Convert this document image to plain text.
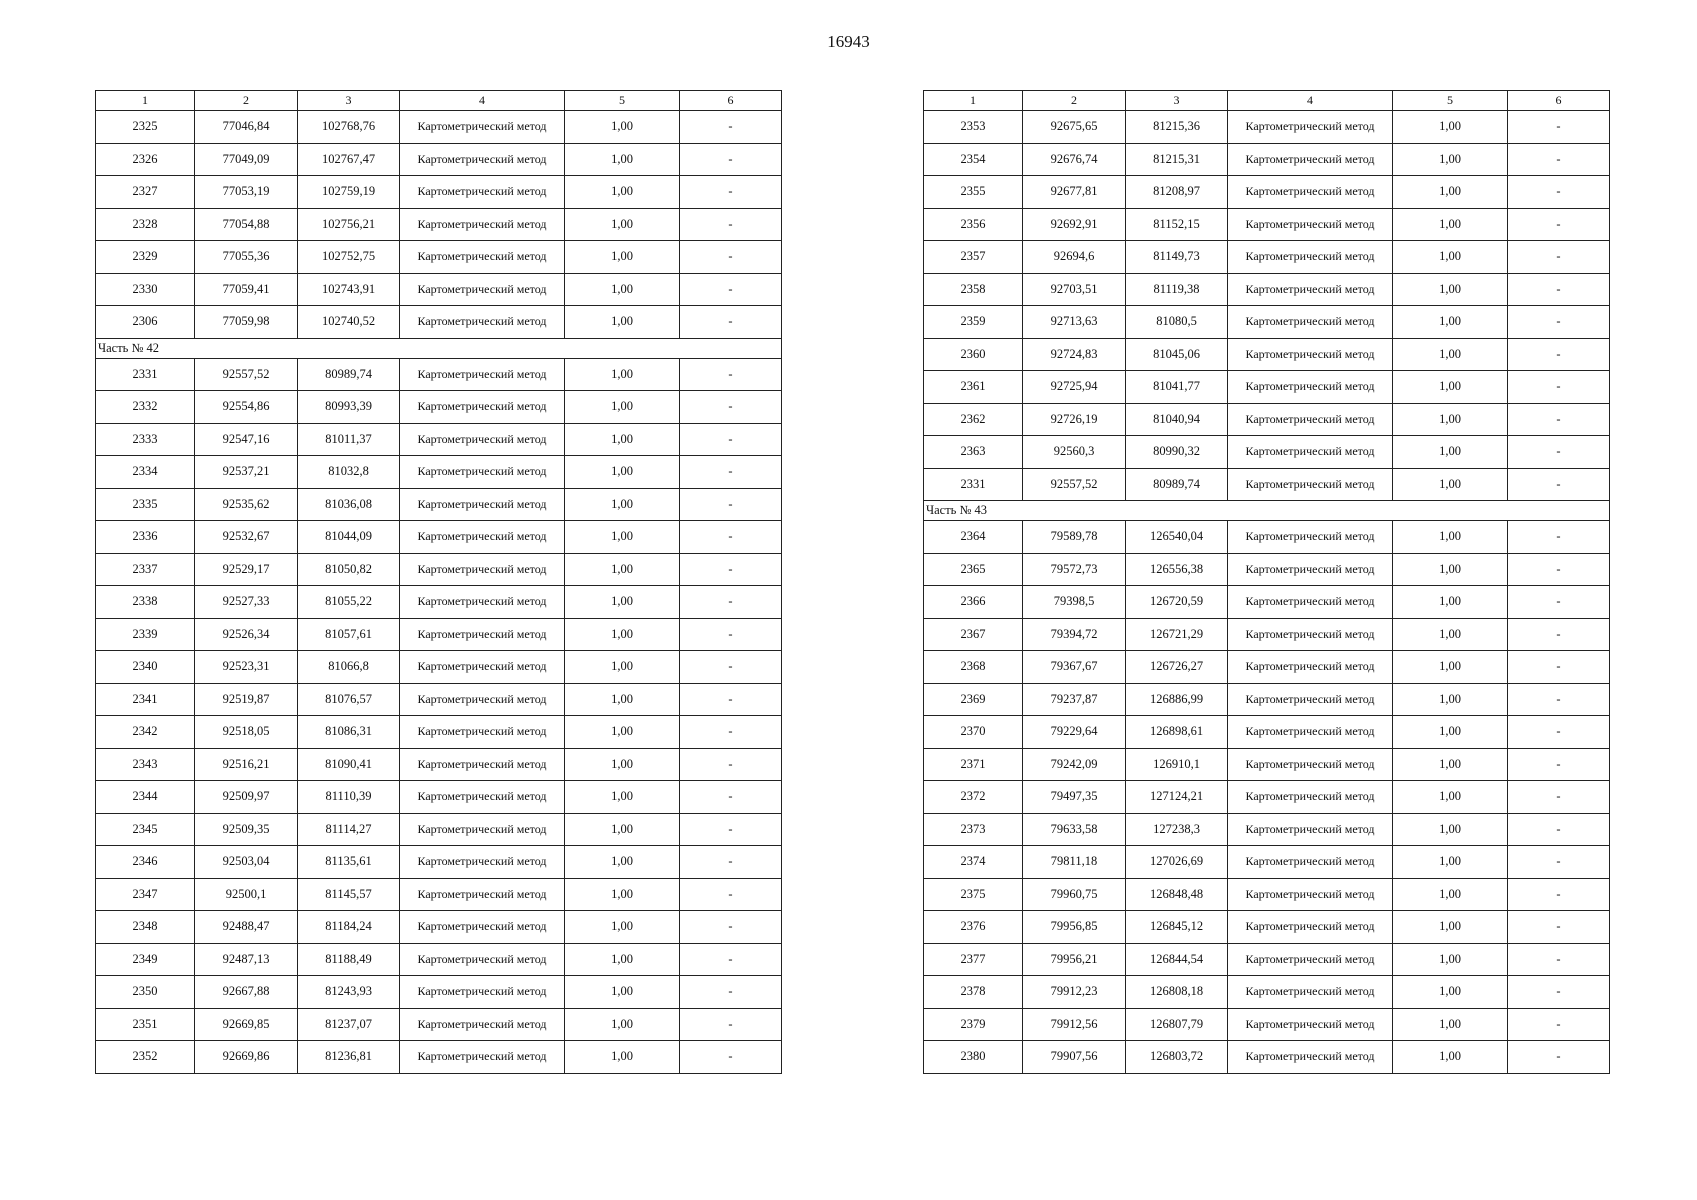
16943
1	2	3	4	5	6
2325	77046,84	102768,76	Картометрический метод	1,00	-
2326	77049,09	102767,47	Картометрический метод	1,00	-
2327	77053,19	102759,19	Картометрический метод	1,00	-
2328	77054,88	102756,21	Картометрический метод	1,00	-
2329	77055,36	102752,75	Картометрический метод	1,00	-
2330	77059,41	102743,91	Картометрический метод	1,00	-
2306	77059,98	102740,52	Картометрический метод	1,00	-
Часть № 42					
2331	92557,52	80989,74	Картометрический метод	1,00	-
2332	92554,86	80993,39	Картометрический метод	1,00	-
2333	92547,16	81011,37	Картометрический метод	1,00	-
2334	92537,21	81032,8	Картометрический метод	1,00	-
2335	92535,62	81036,08	Картометрический метод	1,00	-
2336	92532,67	81044,09	Картометрический метод	1,00	-
2337	92529,17	81050,82	Картометрический метод	1,00	-
2338	92527,33	81055,22	Картометрический метод	1,00	-
2339	92526,34	81057,61	Картометрический метод	1,00	-
2340	92523,31	81066,8	Картометрический метод	1,00	-
2341	92519,87	81076,57	Картометрический метод	1,00	-
2342	92518,05	81086,31	Картометрический метод	1,00	-
2343	92516,21	81090,41	Картометрический метод	1,00	-
2344	92509,97	81110,39	Картометрический метод	1,00	-
2345	92509,35	81114,27	Картометрический метод	1,00	-
2346	92503,04	81135,61	Картометрический метод	1,00	-
2347	92500,1	81145,57	Картометрический метод	1,00	-
2348	92488,47	81184,24	Картометрический метод	1,00	-
2349	92487,13	81188,49	Картометрический метод	1,00	-
2350	92667,88	81243,93	Картометрический метод	1,00	-
2351	92669,85	81237,07	Картометрический метод	1,00	-
2352	92669,86	81236,81	Картометрический метод	1,00	-
1	2	3	4	5	6
2353	92675,65	81215,36	Картометрический метод	1,00	-
2354	92676,74	81215,31	Картометрический метод	1,00	-
2355	92677,81	81208,97	Картометрический метод	1,00	-
2356	92692,91	81152,15	Картометрический метод	1,00	-
2357	92694,6	81149,73	Картометрический метод	1,00	-
2358	92703,51	81119,38	Картометрический метод	1,00	-
2359	92713,63	81080,5	Картометрический метод	1,00	-
2360	92724,83	81045,06	Картометрический метод	1,00	-
2361	92725,94	81041,77	Картометрический метод	1,00	-
2362	92726,19	81040,94	Картометрический метод	1,00	-
2363	92560,3	80990,32	Картометрический метод	1,00	-
2331	92557,52	80989,74	Картометрический метод	1,00	-
Часть № 43					
2364	79589,78	126540,04	Картометрический метод	1,00	-
2365	79572,73	126556,38	Картометрический метод	1,00	-
2366	79398,5	126720,59	Картометрический метод	1,00	-
2367	79394,72	126721,29	Картометрический метод	1,00	-
2368	79367,67	126726,27	Картометрический метод	1,00	-
2369	79237,87	126886,99	Картометрический метод	1,00	-
2370	79229,64	126898,61	Картометрический метод	1,00	-
2371	79242,09	126910,1	Картометрический метод	1,00	-
2372	79497,35	127124,21	Картометрический метод	1,00	-
2373	79633,58	127238,3	Картометрический метод	1,00	-
2374	79811,18	127026,69	Картометрический метод	1,00	-
2375	79960,75	126848,48	Картометрический метод	1,00	-
2376	79956,85	126845,12	Картометрический метод	1,00	-
2377	79956,21	126844,54	Картометрический метод	1,00	-
2378	79912,23	126808,18	Картометрический метод	1,00	-
2379	79912,56	126807,79	Картометрический метод	1,00	-
2380	79907,56	126803,72	Картометрический метод	1,00	-
